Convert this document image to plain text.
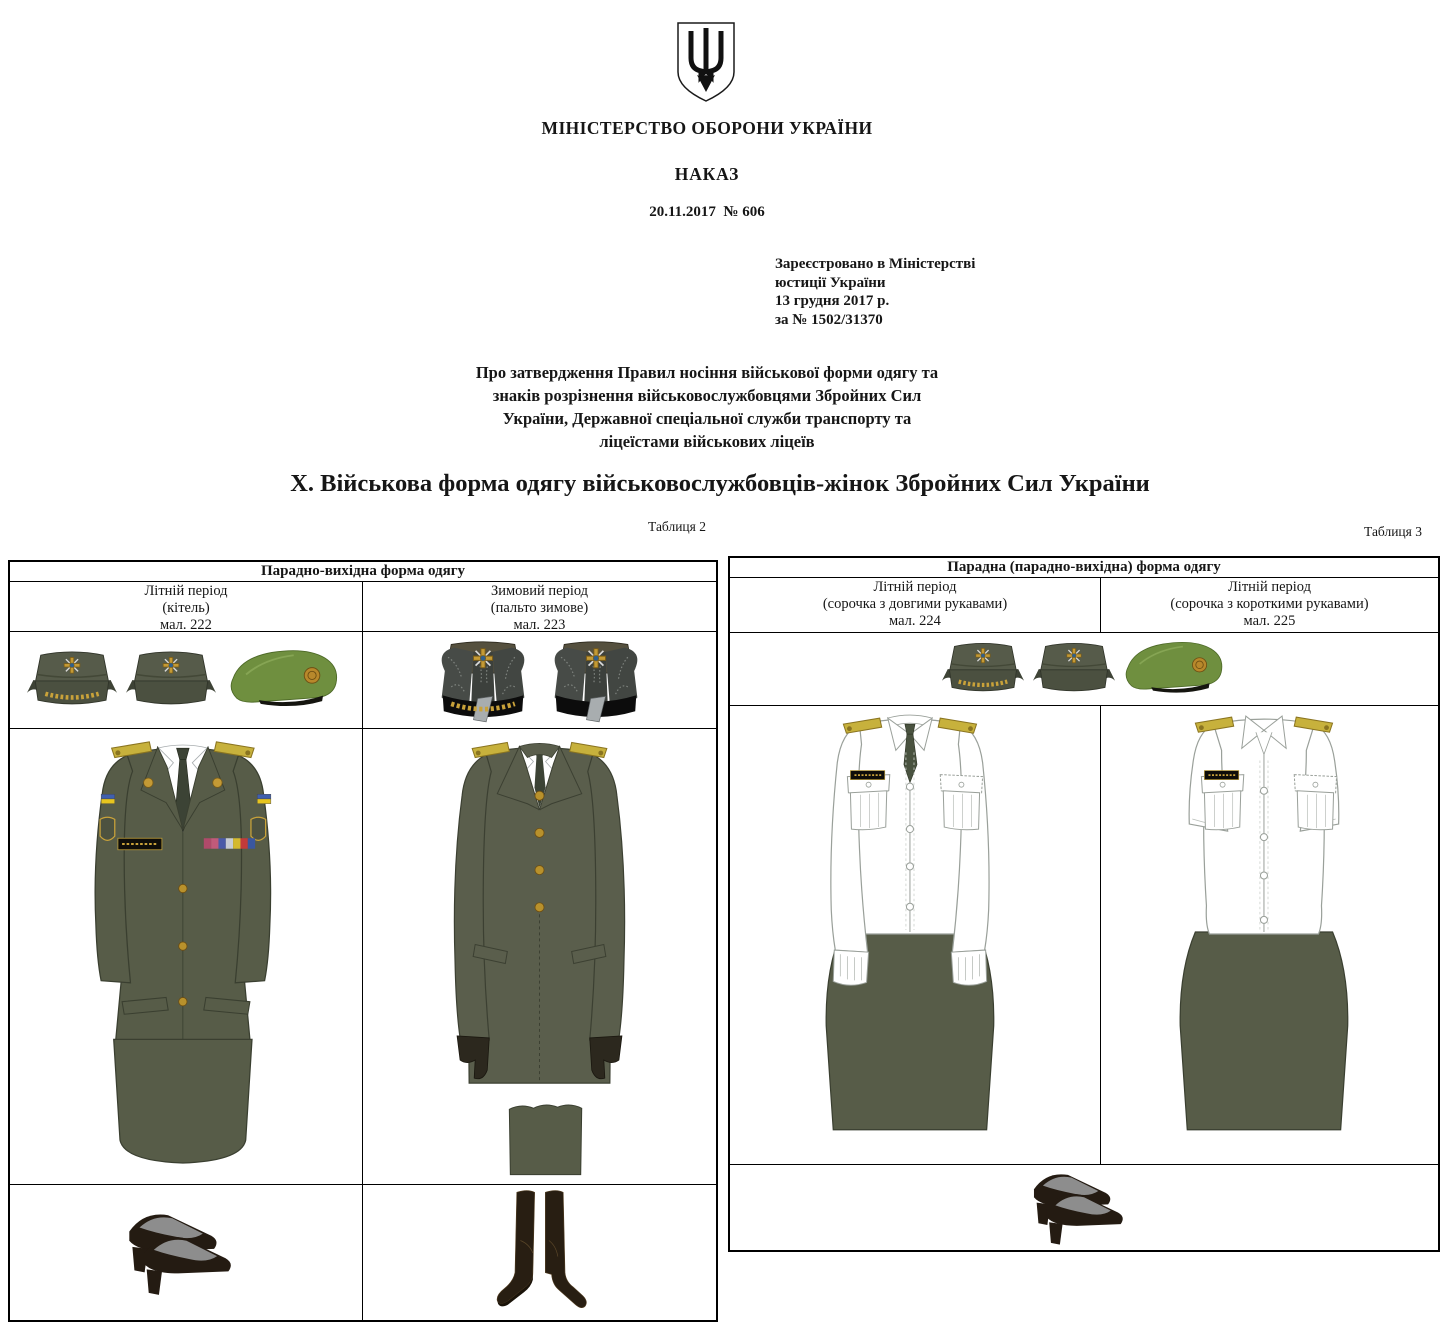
МІНІСТЕРСТВО ОБОРОНИ УКРАЇНИ
НАКАЗ
20.11.2017  № 606
Зареєстровано в Міністерстві
юстиції України
13 грудня 2017 р.
за № 1502/31370
Про затвердження Правил носіння військової форми одягу та
знаків розрізнення військовослужбовцями Збройних Сил
України, Державної спеціальної служби транспорту та
ліцеїстами військових ліцеїв
X. Військова форма одягу військовослужбовців-жінок Збройних Сил України
Таблиця 2	Таблиця 3
Парадно-вихідна форма одягу
Літній період
(кітель)
мал. 222
Зимовий період
(пальто зимове)
мал. 223
Парадна (парадно-вихідна) форма одягу
Літній період
(сорочка з довгими рукавами)
мал. 224
Літній період
(сорочка з короткими рукавами)
мал. 225
